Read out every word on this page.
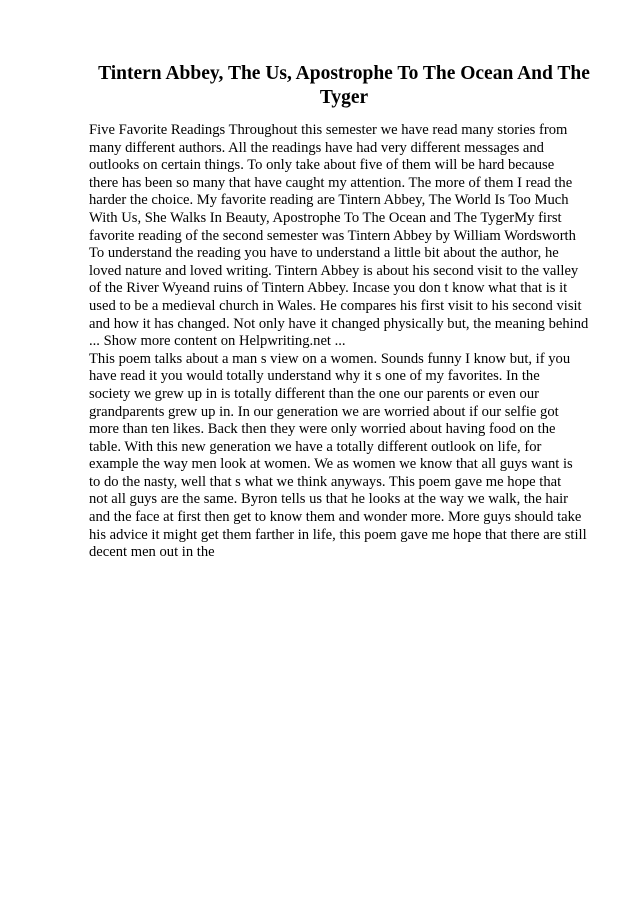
Tintern Abbey, The Us, Apostrophe To The Ocean And The Tyger
Five Favorite Readings Throughout this semester we have read many stories from
many different authors. All the readings have had very different messages and
outlooks on certain things. To only take about five of them will be hard because
there has been so many that have caught my attention. The more of them I read the
harder the choice. My favorite reading are Tintern Abbey, The World Is Too Much
With Us, She Walks In Beauty, Apostrophe To The Ocean and The TygerMy first
favorite reading of the second semester was Tintern Abbey by William Wordsworth
To understand the reading you have to understand a little bit about the author, he
loved nature and loved writing. Tintern Abbey is about his second visit to the valley
of the River Wyeand ruins of Tintern Abbey. Incase you don t know what that is it
used to be a medieval church in Wales. He compares his first visit to his second visit
and how it has changed. Not only have it changed physically but, the meaning behind
... Show more content on Helpwriting.net ...
This poem talks about a man s view on a women. Sounds funny I know but, if you
have read it you would totally understand why it s one of my favorites. In the
society we grew up in is totally different than the one our parents or even our
grandparents grew up in. In our generation we are worried about if our selfie got
more than ten likes. Back then they were only worried about having food on the
table. With this new generation we have a totally different outlook on life, for
example the way men look at women. We as women we know that all guys want is
to do the nasty, well that s what we think anyways. This poem gave me hope that
not all guys are the same. Byron tells us that he looks at the way we walk, the hair
and the face at first then get to know them and wonder more. More guys should take
his advice it might get them farther in life, this poem gave me hope that there are still
decent men out in the
